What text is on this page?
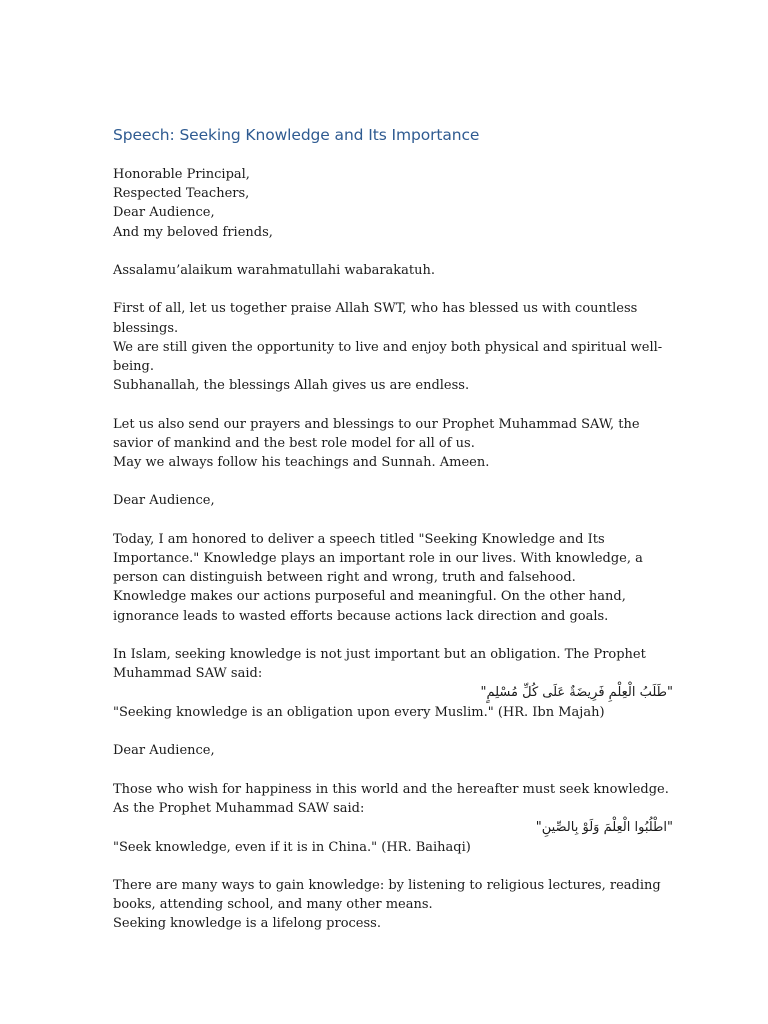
Speech: Seeking Knowledge and Its Importance

Honorable Principal,
Respected Teachers,
Dear Audience,
And my beloved friends,

Assalamu’alaikum warahmatullahi wabarakatuh.

First of all, let us together praise Allah SWT, who has blessed us with countless blessings.
We are still given the opportunity to live and enjoy both physical and spiritual well-being.
Subhanallah, the blessings Allah gives us are endless.

Let us also send our prayers and blessings to our Prophet Muhammad SAW, the savior of mankind and the best role model for all of us.
May we always follow his teachings and Sunnah. Ameen.

Dear Audience,

Today, I am honored to deliver a speech titled "Seeking Knowledge and Its Importance." Knowledge plays an important role in our lives. With knowledge, a person can distinguish between right and wrong, truth and falsehood.
Knowledge makes our actions purposeful and meaningful. On the other hand, ignorance leads to wasted efforts because actions lack direction and goals.

In Islam, seeking knowledge is not just important but an obligation. The Prophet Muhammad SAW said:
"طَلَبُ الْعِلْمِ فَرِيضَةٌ عَلَى كُلِّ مُسْلِمٍ"
"Seeking knowledge is an obligation upon every Muslim." (HR. Ibn Majah)

Dear Audience,

Those who wish for happiness in this world and the hereafter must seek knowledge. As the Prophet Muhammad SAW said:
"اطْلُبُوا الْعِلْمَ وَلَوْ بِالصِّينِ"
"Seek knowledge, even if it is in China." (HR. Baihaqi)

There are many ways to gain knowledge: by listening to religious lectures, reading books, attending school, and many other means.
Seeking knowledge is a lifelong process.
